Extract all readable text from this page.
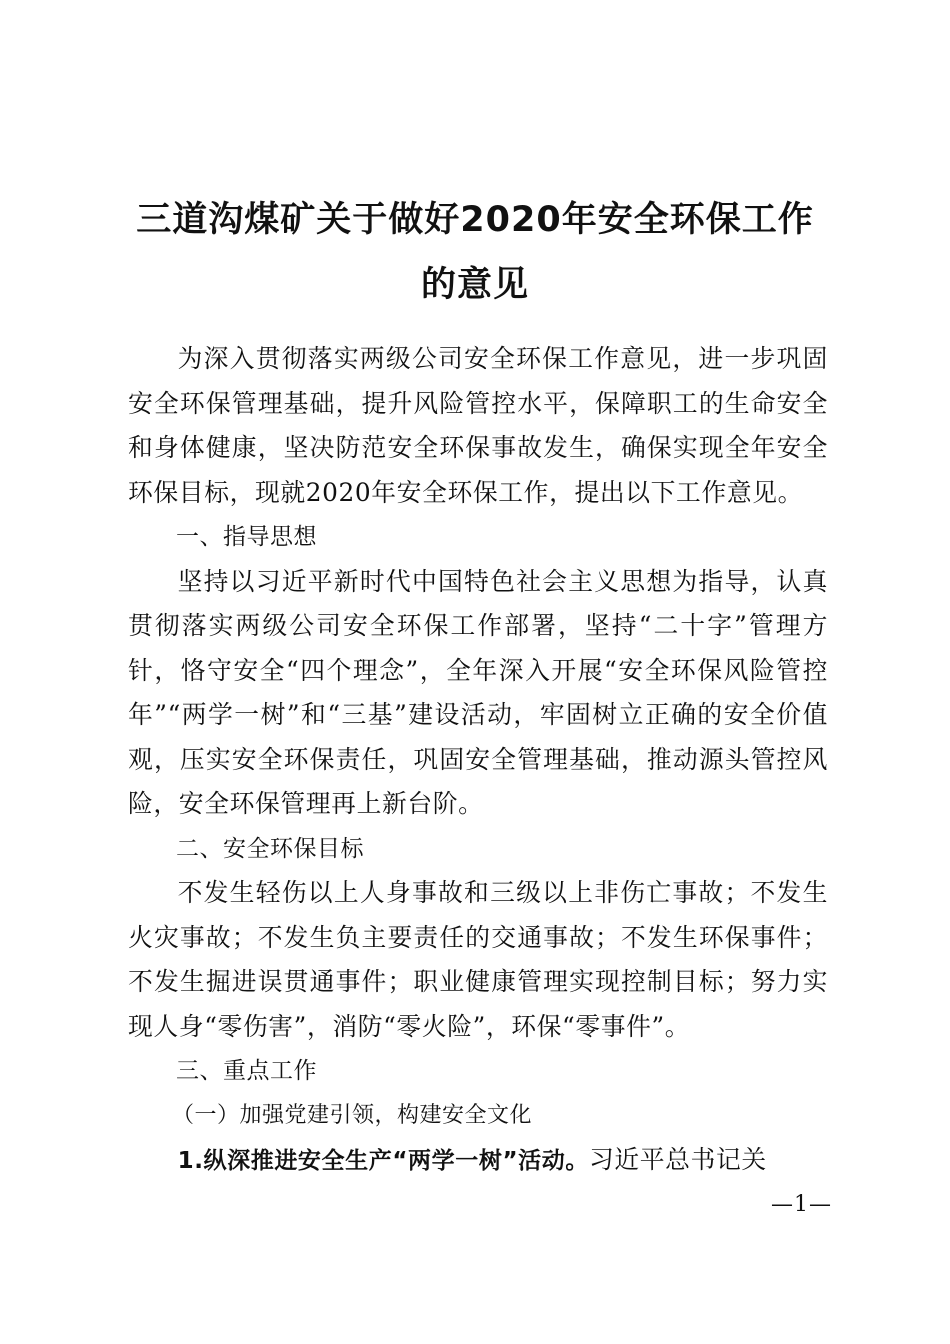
三道沟煤矿关于做好2020年安全环保工作
的意见

为深入贯彻落实两级公司安全环保工作意见，进一步巩固安全环保管理基础，提升风险管控水平，保障职工的生命安全和身体健康，坚决防范安全环保事故发生，确保实现全年安全环保目标，现就2020年安全环保工作，提出以下工作意见。

一、指导思想

坚持以习近平新时代中国特色社会主义思想为指导，认真贯彻落实两级公司安全环保工作部署，坚持“二十字”管理方针，恪守安全“四个理念”，全年深入开展“安全环保风险管控年”“两学一树”和“三基”建设活动，牢固树立正确的安全价值观，压实安全环保责任，巩固安全管理基础，推动源头管控风险，安全环保管理再上新台阶。

二、安全环保目标

不发生轻伤以上人身事故和三级以上非伤亡事故；不发生火灾事故；不发生负主要责任的交通事故；不发生环保事件；不发生掘进误贯通事件；职业健康管理实现控制目标；努力实现人身“零伤害”，消防“零火险”，环保“零事件”。

三、重点工作

（一）加强党建引领，构建安全文化

1.纵深推进安全生产“两学一树”活动。习近平总书记关

—1—
